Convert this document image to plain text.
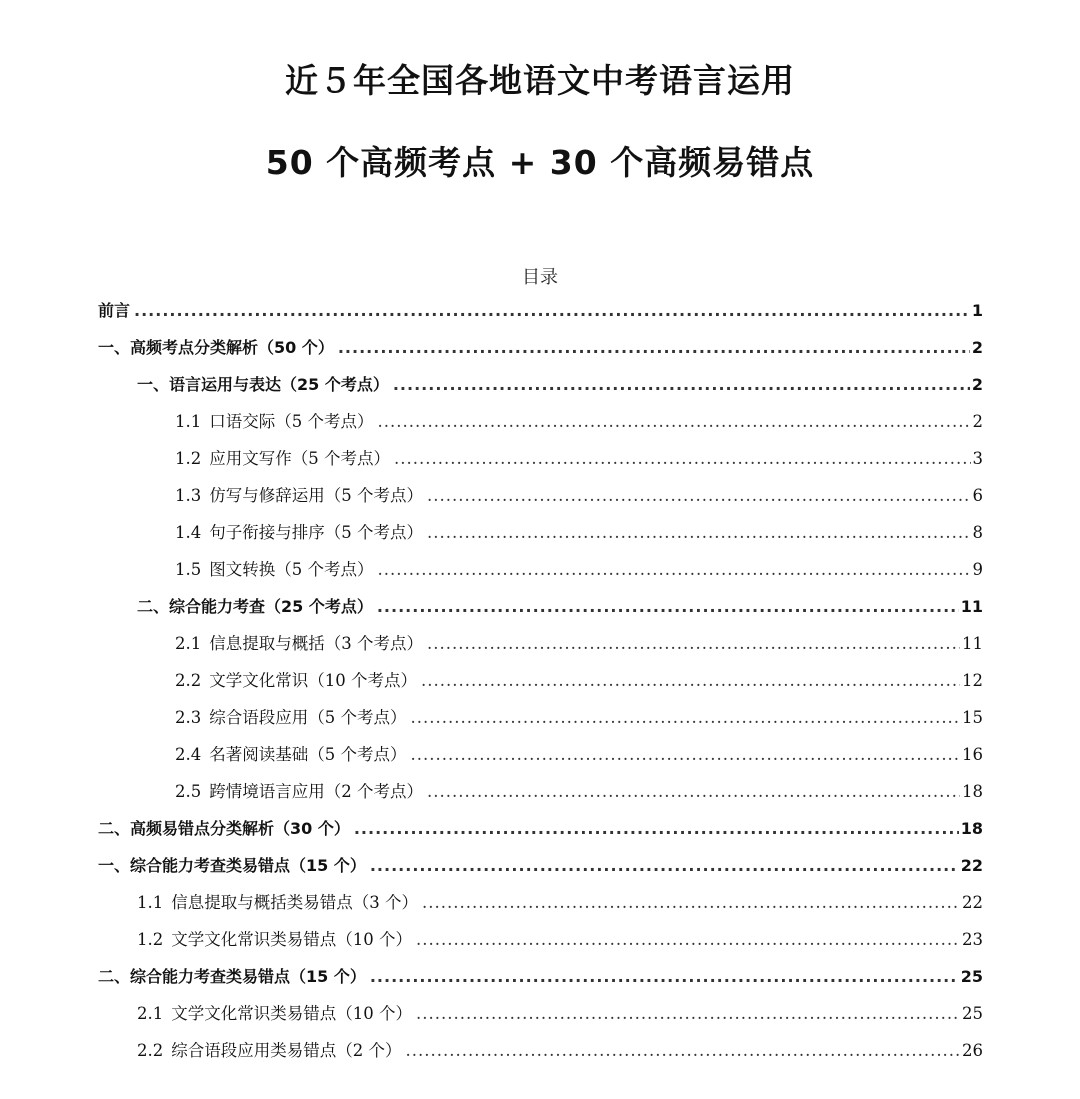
近５年全国各地语文中考语言运用
50 个高频考点 + 30 个高频易错点
目录
前言 .....	1
一、高频考点分类解析（50 个） .....	2
一、语言运用与表达（25 个考点） .....	2
1.1 口语交际（5 个考点） .....	2
1.2 应用文写作（5 个考点） .....	3
1.3 仿写与修辞运用（5 个考点） .....	6
1.4 句子衔接与排序（5 个考点） .....	8
1.5 图文转换（5 个考点） .....	9
二、综合能力考查（25 个考点） .....	11
2.1 信息提取与概括（3 个考点） .....	11
2.2 文学文化常识（10 个考点） .....	12
2.3 综合语段应用（5 个考点） .....	15
2.4 名著阅读基础（5 个考点） .....	16
2.5 跨情境语言应用（2 个考点） .....	18
二、高频易错点分类解析（30 个） .....	18
一、综合能力考查类易错点（15 个） .....	22
1.1 信息提取与概括类易错点（3 个） .....	22
1.2 文学文化常识类易错点（10 个） .....	23
二、综合能力考查类易错点（15 个） .....	25
2.1 文学文化常识类易错点（10 个） .....	25
2.2 综合语段应用类易错点（2 个） .....	26
